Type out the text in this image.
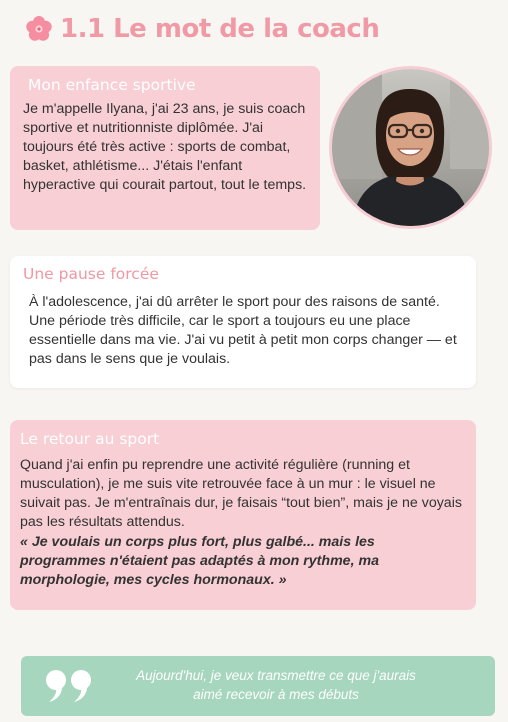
1.1 Le mot de la coach
Mon enfance sportive

Je m'appelle Ilyana, j'ai 23 ans, je suis coach sportive et nutritionniste diplômée. J'ai toujours été très active : sports de combat, basket, athlétisme... J'étais l'enfant hyperactive qui courait partout, tout le temps.

Une pause forcée

À l'adolescence, j'ai dû arrêter le sport pour des raisons de santé. Une période très difficile, car le sport a toujours eu une place essentielle dans ma vie. J'ai vu petit à petit mon corps changer — et pas dans le sens que je voulais.

Le retour au sport

Quand j'ai enfin pu reprendre une activité régulière (running et musculation), je me suis vite retrouvée face à un mur : le visuel ne suivait pas. Je m'entraînais dur, je faisais “tout bien”, mais je ne voyais pas les résultats attendus.

« Je voulais un corps plus fort, plus galbé... mais les programmes n'étaient pas adaptés à mon rythme, ma morphologie, mes cycles hormonaux. »

Aujourd'hui, je veux transmettre ce que j'aurais
aimé recevoir à mes débuts
